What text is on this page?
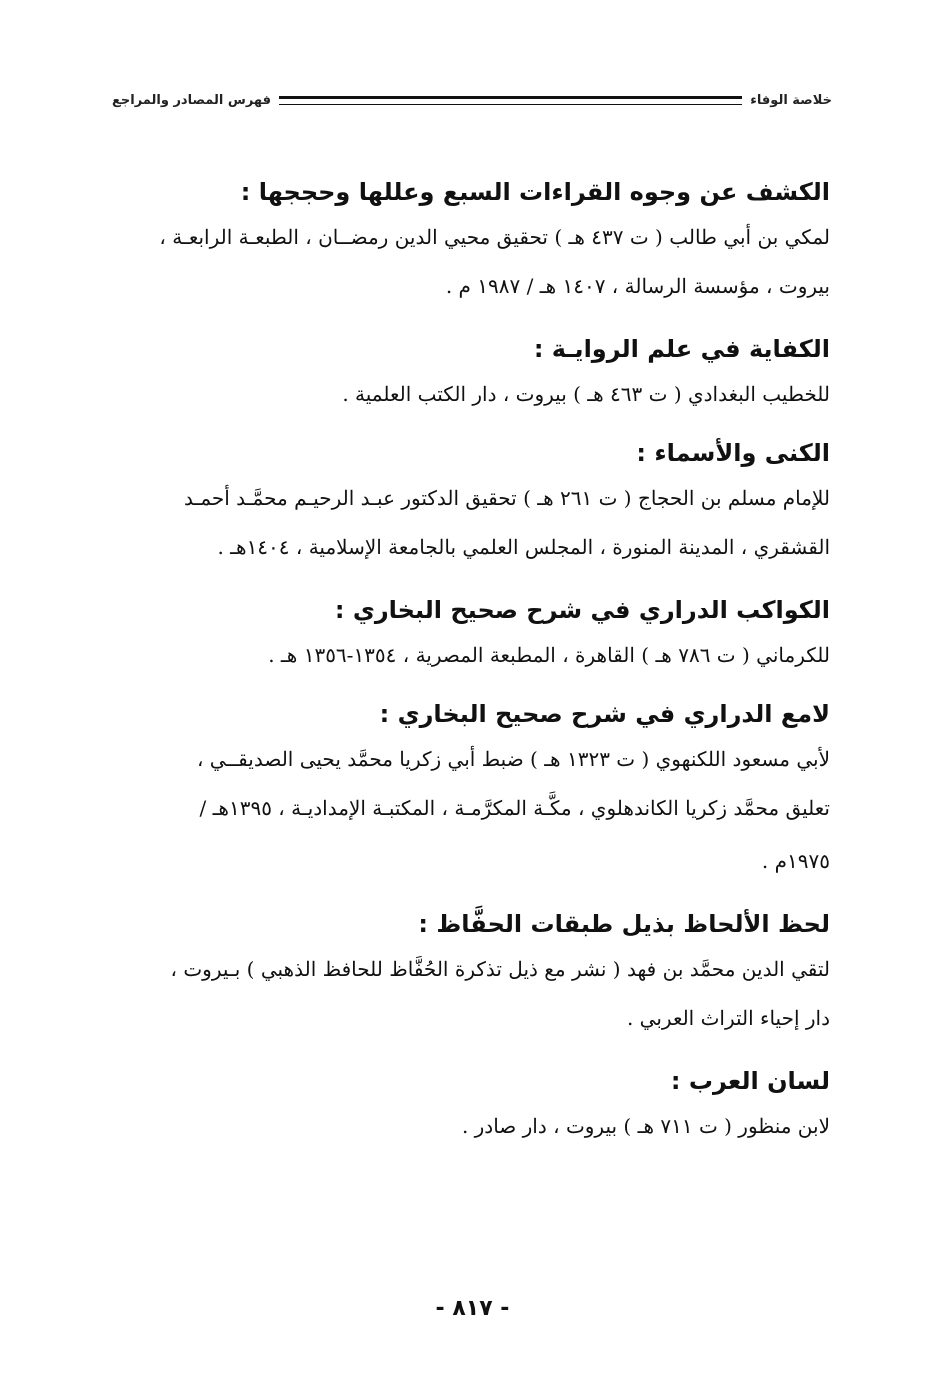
خلاصة الوفاء
فهرس المصادر والمراجع

الكشف عن وجوه القراءات السبع وعللها وحججها :

لمكي بن أبي طالب ( ت ٤٣٧ هـ ) تحقيق محيي الدين رمضــان ، الطبعـة الرابعـة ،

بيروت ، مؤسسة الرسالة ، ١٤٠٧ هـ / ١٩٨٧ م .

الكفاية في علم الروايـة :

للخطيب البغدادي ( ت ٤٦٣ هـ ) بيروت ، دار الكتب العلمية .

الكنى والأسماء :

للإمام مسلم بن الحجاج ( ت ٢٦١ هـ ) تحقيق الدكتور عبـد الرحيـم محمَّـد أحمـد

القشقري ، المدينة المنورة ، المجلس العلمي بالجامعة الإسلامية ، ١٤٠٤هـ .

الكواكب الدراري في شرح صحيح البخاري :

للكرماني ( ت ٧٨٦ هـ ) القاهرة ، المطبعة المصرية ، ١٣٥٤-١٣٥٦ هـ .

لامع الدراري في شرح صحيح البخاري :

لأبي مسعود اللكنهوي ( ت ١٣٢٣ هـ ) ضبط أبي زكريا محمَّد يحيى الصديقــي ،

تعليق محمَّد زكريا الكاندهلوي ، مكَّـة المكرَّمـة ، المكتبـة الإمداديـة ، ١٣٩٥هـ /

١٩٧٥م .

لحظ الألحاظ بذيل طبقات الحفَّاظ :

لتقي الدين محمَّد بن فهد ( نشر مع ذيل تذكرة الحُفَّاظ للحافظ الذهبي ) بـيروت ،

دار إحياء التراث العربي .

لسان العرب :

لابن منظور ( ت ٧١١ هـ ) بيروت ، دار صادر .

- ٨١٧ -
